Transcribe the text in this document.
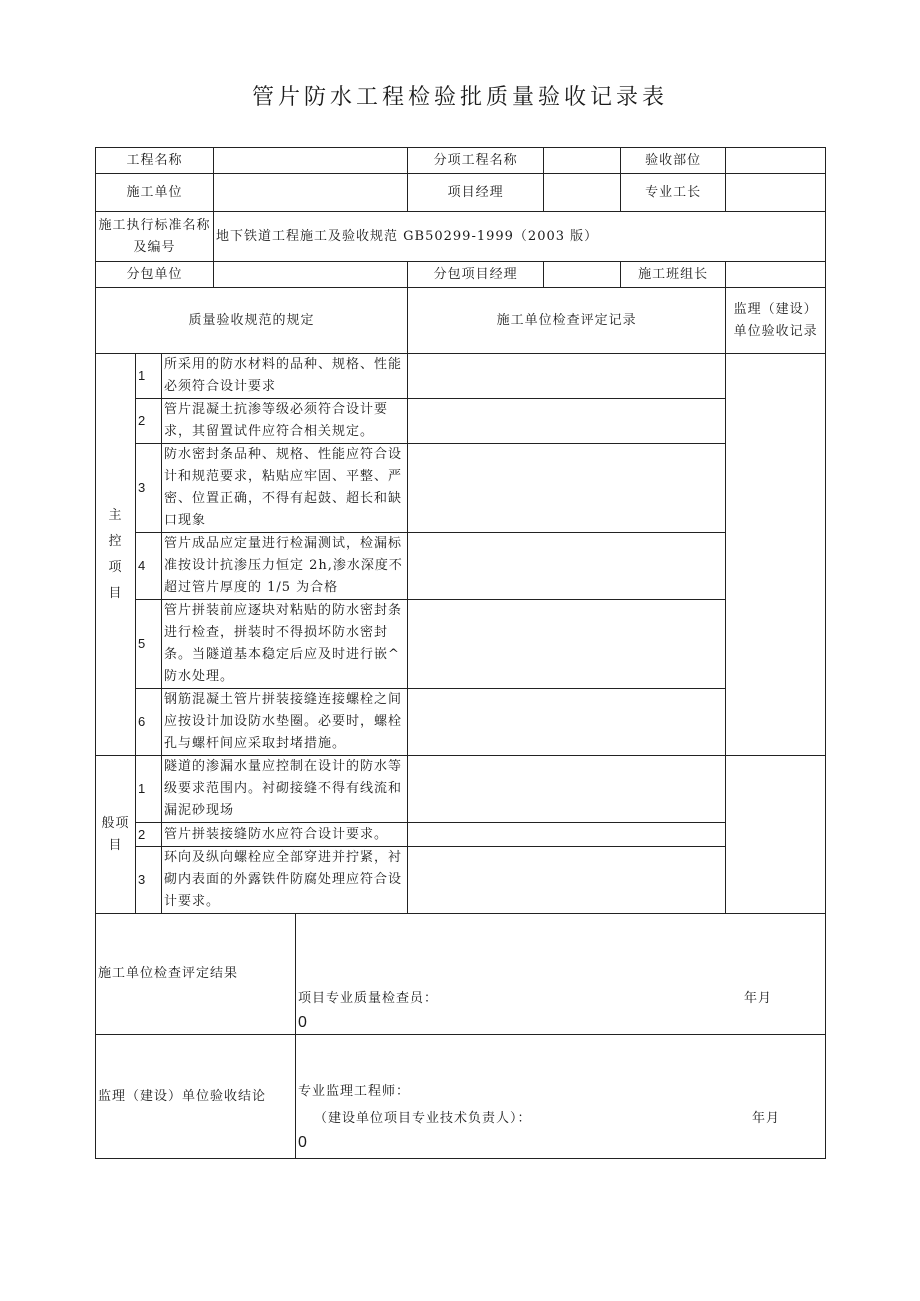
管片防水工程检验批质量验收记录表
工程名称					分项工程名称		验收部位	
施工单位					项目经理		专业工长	
施工执行标准名称及编号			地下铁道工程施工及验收规范 GB50299-1999（2003 版）					
分包单位					分包项目经理		施工班组长	
质量验收规范的规定					施工单位检查评定记录			监理（建设）单位验收记录

主控项目	1	所采用的防水材料的品种、规格、性能必须符合设计要求						
	2	管片混凝土抗渗等级必须符合设计要求，其留置试件应符合相关规定。						
	3	防水密封条品种、规格、性能应符合设计和规范要求，粘贴应牢固、平整、严密、位置正确，不得有起鼓、超长和缺口现象						
	4	管片成品应定量进行检漏测试，检漏标准按设计抗渗压力恒定 2h,渗水深度不超过管片厚度的 1/5 为合格						
	5	管片拼装前应逐块对粘贴的防水密封条进行检查，拼装时不得损坏防水密封条。当隧道基本稳定后应及时进行嵌^防水处理。						
	6	钢筋混凝土管片拼装接缝连接螺栓之间应按设计加设防水垫圈。必要时，螺栓孔与螺杆间应采取封堵措施。						

般项目	1	隧道的渗漏水量应控制在设计的防水等级要求范围内。衬砌接缝不得有线流和漏泥砂现场						
	2	管片拼装接缝防水应符合设计要求。						
	3	环向及纵向螺栓应全部穿进并拧紧，衬砌内表面的外露铁件防腐处理应符合设计要求。						
施工单位检查评定结果				项目专业质量检查员： 年月
0				

监理（建设）单位验收结论				专业监理工程师：
（建设单位项目专业技术负责人）： 年月
0				
